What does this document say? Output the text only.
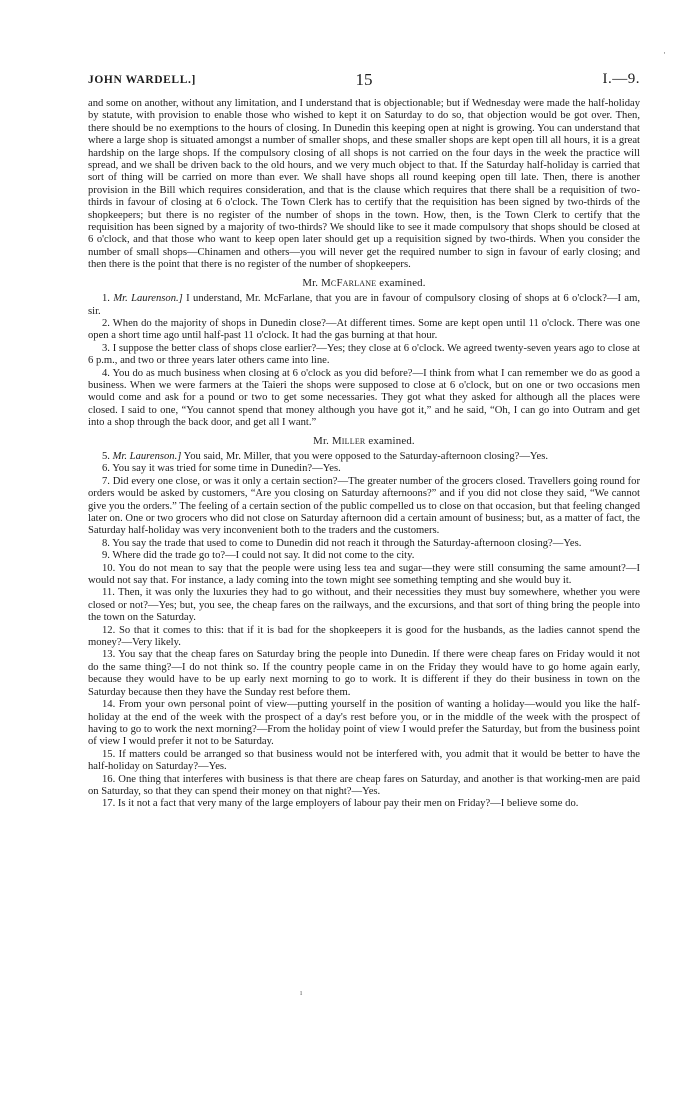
·
JOHN WARDELL.]	15	I.—9.

and some on another, without any limitation, and I understand that is objectionable; but if Wednesday were made the half-holiday by statute, with provision to enable those who wished to kept it on Saturday to do so, that objection would be got over. Then, there should be no exemptions to the hours of closing. In Dunedin this keeping open at night is growing. You can understand that where a large shop is situated amongst a number of smaller shops, and these smaller shops are kept open till all hours, it is a great hardship on the large shops. If the compulsory closing of all shops is not carried on the four days in the week the practice will spread, and we shall be driven back to the old hours, and we very much object to that. If the Saturday half-holiday is carried that sort of thing will be carried on more than ever. We shall have shops all round keeping open till late. Then, there is another provision in the Bill which requires consideration, and that is the clause which requires that there shall be a requisition of two-thirds in favour of closing at 6 o'clock. The Town Clerk has to certify that the requisition has been signed by two-thirds of the shopkeepers; but there is no register of the number of shops in the town. How, then, is the Town Clerk to certify that the requisition has been signed by a majority of two-thirds? We should like to see it made compulsory that shops should be closed at 6 o'clock, and that those who want to keep open later should get up a requisition signed by two-thirds. When you consider the number of small shops—Chinamen and others—you will never get the required number to sign in favour of early closing; and then there is the point that there is no register of the number of shopkeepers.

Mr. McFarlane examined.

1. Mr. Laurenson.] I understand, Mr. McFarlane, that you are in favour of compulsory closing of shops at 6 o'clock?—I am, sir.

2. When do the majority of shops in Dunedin close?—At different times. Some are kept open until 11 o'clock. There was one open a short time ago until half-past 11 o'clock. It had the gas burning at that hour.

3. I suppose the better class of shops close earlier?—Yes; they close at 6 o'clock. We agreed twenty-seven years ago to close at 6 p.m., and two or three years later others came into line.

4. You do as much business when closing at 6 o'clock as you did before?—I think from what I can remember we do as good a business. When we were farmers at the Taieri the shops were supposed to close at 6 o'clock, but on one or two occasions men would come and ask for a pound or two to get some necessaries. They got what they asked for although all the places were closed. I said to one, “You cannot spend that money although you have got it,” and he said, “Oh, I can go into Outram and get into a shop through the back door, and get all I want.”

Mr. Miller examined.

5. Mr. Laurenson.] You said, Mr. Miller, that you were opposed to the Saturday-afternoon closing?—Yes.

6. You say it was tried for some time in Dunedin?—Yes.

7. Did every one close, or was it only a certain section?—The greater number of the grocers closed. Travellers going round for orders would be asked by customers, “Are you closing on Saturday afternoons?” and if you did not close they said, “We cannot give you the orders.” The feeling of a certain section of the public compelled us to close on that occasion, but that feeling changed later on. One or two grocers who did not close on Saturday afternoon did a certain amount of business; but, as a matter of fact, the Saturday half-holiday was very inconvenient both to the traders and the customers.

8. You say the trade that used to come to Dunedin did not reach it through the Saturday-afternoon closing?—Yes.

9. Where did the trade go to?—I could not say. It did not come to the city.

10. You do not mean to say that the people were using less tea and sugar—they were still consuming the same amount?—I would not say that. For instance, a lady coming into the town might see something tempting and she would buy it.

11. Then, it was only the luxuries they had to go without, and their necessities they must buy somewhere, whether you were closed or not?—Yes; but, you see, the cheap fares on the railways, and the excursions, and that sort of thing bring the people into the town on the Saturday.

12. So that it comes to this: that if it is bad for the shopkeepers it is good for the husbands, as the ladies cannot spend the money?—Very likely.

13. You say that the cheap fares on Saturday bring the people into Dunedin. If there were cheap fares on Friday would it not do the same thing?—I do not think so. If the country people came in on the Friday they would have to go home again early, because they would have to be up early next morning to go to work. It is different if they do their business in town on the Saturday because then they have the Sunday rest before them.

14. From your own personal point of view—putting yourself in the position of wanting a holiday—would you like the half-holiday at the end of the week with the prospect of a day's rest before you, or in the middle of the week with the prospect of having to go to work the next morning?—From the holiday point of view I would prefer the Saturday, but from the business point of view I would prefer it not to be Saturday.

15. If matters could be arranged so that business would not be interfered with, you admit that it would be better to have the half-holiday on Saturday?—Yes.

16. One thing that interferes with business is that there are cheap fares on Saturday, and another is that working-men are paid on Saturday, so that they can spend their money on that night?—Yes.

17. Is it not a fact that very many of the large employers of labour pay their men on Friday?—I believe some do.

ı
